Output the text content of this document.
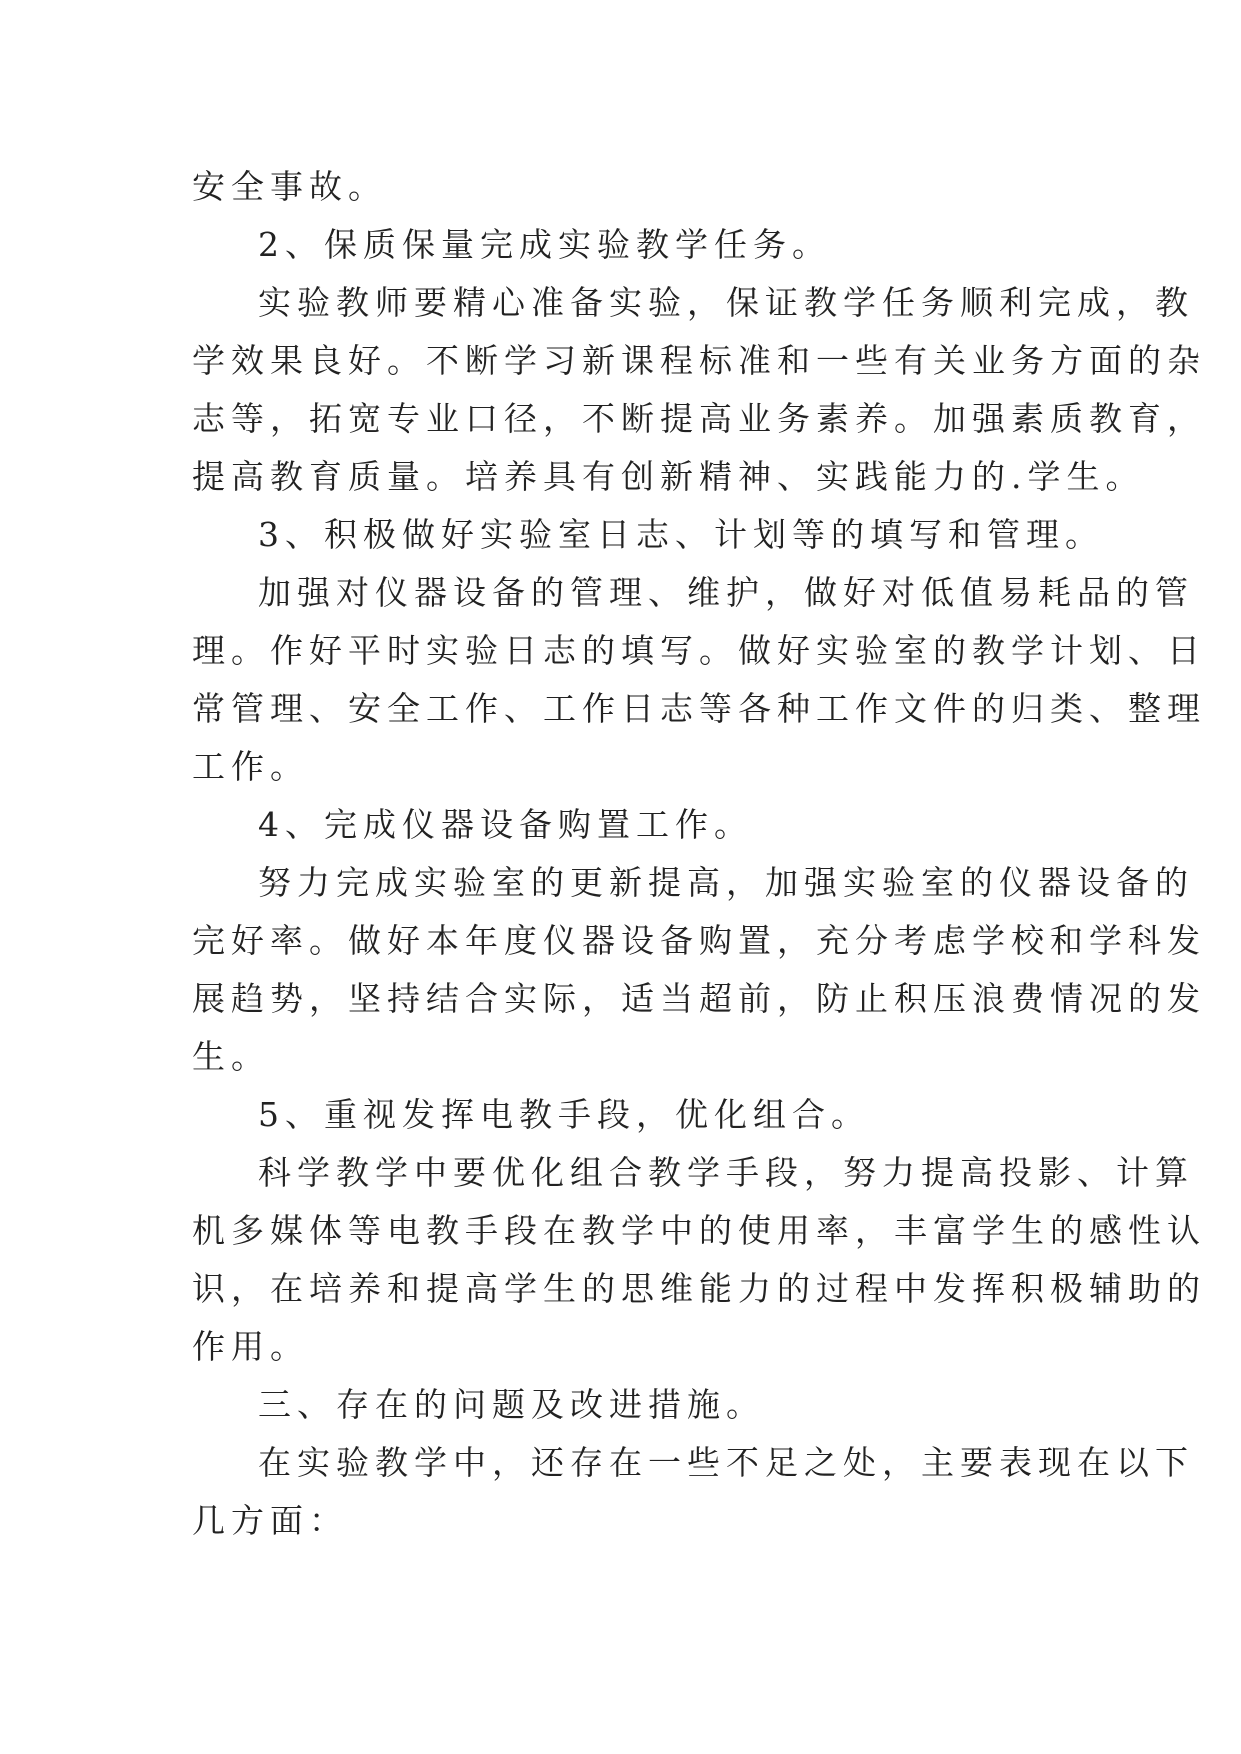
安全事故。
2、保质保量完成实验教学任务。
实验教师要精心准备实验，保证教学任务顺利完成，教
学效果良好。不断学习新课程标准和一些有关业务方面的杂
志等，拓宽专业口径，不断提高业务素养。加强素质教育，
提高教育质量。培养具有创新精神、实践能力的.学生。
3、积极做好实验室日志、计划等的填写和管理。
加强对仪器设备的管理、维护，做好对低值易耗品的管
理。作好平时实验日志的填写。做好实验室的教学计划、日
常管理、安全工作、工作日志等各种工作文件的归类、整理
工作。
4、完成仪器设备购置工作。
努力完成实验室的更新提高，加强实验室的仪器设备的
完好率。做好本年度仪器设备购置，充分考虑学校和学科发
展趋势，坚持结合实际，适当超前，防止积压浪费情况的发
生。
5、重视发挥电教手段，优化组合。
科学教学中要优化组合教学手段，努力提高投影、计算
机多媒体等电教手段在教学中的使用率，丰富学生的感性认
识，在培养和提高学生的思维能力的过程中发挥积极辅助的
作用。
三、存在的问题及改进措施。
在实验教学中，还存在一些不足之处，主要表现在以下
几方面：
